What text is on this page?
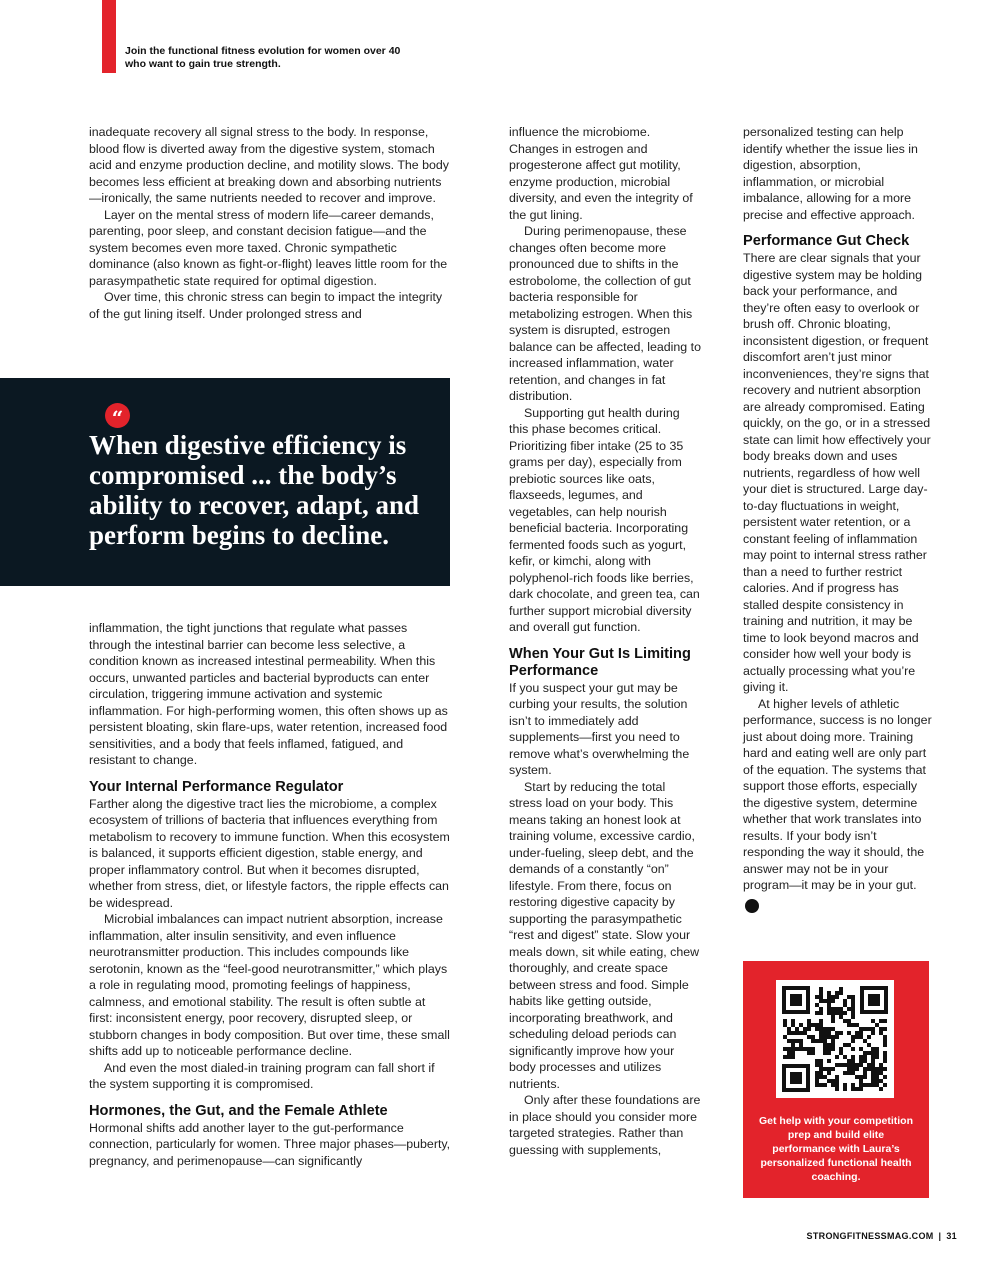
Join the functional fitness evolution for women over 40 who want to gain true strength.

inadequate recovery all signal stress to the body. In response, blood flow is diverted away from the digestive system, stomach acid and enzyme production decline, and motility slows. The body becomes less efficient at breaking down and absorbing nutrients—ironically, the same nutrients needed to recover and improve.

Layer on the mental stress of modern life—career demands, parenting, poor sleep, and constant decision fatigue—and the system becomes even more taxed. Chronic sympathetic dominance (also known as fight-or-flight) leaves little room for the parasympathetic state required for optimal digestion.

Over time, this chronic stress can begin to impact the integrity of the gut lining itself. Under prolonged stress and

“
When digestive efficiency is compromised ... the body’s ability to recover, adapt, and perform begins to decline.

inflammation, the tight junctions that regulate what passes through the intestinal barrier can become less selective, a condition known as increased intestinal permeability. When this occurs, unwanted particles and bacterial byproducts can enter circulation, triggering immune activation and systemic inflammation. For high-performing women, this often shows up as persistent bloating, skin flare-ups, water retention, increased food sensitivities, and a body that feels inflamed, fatigued, and resistant to change.

Your Internal Performance Regulator

Farther along the digestive tract lies the microbiome, a complex ecosystem of trillions of bacteria that influences everything from metabolism to recovery to immune function. When this ecosystem is balanced, it supports efficient digestion, stable energy, and proper inflammatory control. But when it becomes disrupted, whether from stress, diet, or lifestyle factors, the ripple effects can be widespread.

Microbial imbalances can impact nutrient absorption, increase inflammation, alter insulin sensitivity, and even influence neurotransmitter production. This includes compounds like serotonin, known as the “feel-good neurotransmitter,” which plays a role in regulating mood, promoting feelings of happiness, calmness, and emotional stability. The result is often subtle at first: inconsistent energy, poor recovery, disrupted sleep, or stubborn changes in body composition. But over time, these small shifts add up to noticeable performance decline.

And even the most dialed-in training program can fall short if the system supporting it is compromised.

Hormones, the Gut, and the Female Athlete

Hormonal shifts add another layer to the gut-performance connection, particularly for women. Three major phases—puberty, pregnancy, and perimenopause—can significantly

influence the microbiome. Changes in estrogen and progesterone affect gut motility, enzyme production, microbial diversity, and even the integrity of the gut lining.

During perimenopause, these changes often become more pronounced due to shifts in the estrobolome, the collection of gut bacteria responsible for metabolizing estrogen. When this system is disrupted, estrogen balance can be affected, leading to increased inflammation, water retention, and changes in fat distribution.

Supporting gut health during this phase becomes critical. Prioritizing fiber intake (25 to 35 grams per day), especially from prebiotic sources like oats, flaxseeds, legumes, and vegetables, can help nourish beneficial bacteria. Incorporating fermented foods such as yogurt, kefir, or kimchi, along with polyphenol-rich foods like berries, dark chocolate, and green tea, can further support microbial diversity and overall gut function.

When Your Gut Is Limiting Performance

If you suspect your gut may be curbing your results, the solution isn’t to immediately add supplements—first you need to remove what’s overwhelming the system.

Start by reducing the total stress load on your body. This means taking an honest look at training volume, excessive cardio, under-fueling, sleep debt, and the demands of a constantly “on” lifestyle. From there, focus on restoring digestive capacity by supporting the parasympathetic “rest and digest” state. Slow your meals down, sit while eating, chew thoroughly, and create space between stress and food. Simple habits like getting outside, incorporating breathwork, and scheduling deload periods can significantly improve how your body processes and utilizes nutrients.

Only after these foundations are in place should you consider more targeted strategies. Rather than guessing with supplements,

personalized testing can help identify whether the issue lies in digestion, absorption, inflammation, or microbial imbalance, allowing for a more precise and effective approach.

Performance Gut Check

There are clear signals that your digestive system may be holding back your performance, and they’re often easy to overlook or brush off. Chronic bloating, inconsistent digestion, or frequent discomfort aren’t just minor inconveniences, they’re signs that recovery and nutrient absorption are already compromised. Eating quickly, on the go, or in a stressed state can limit how effectively your body breaks down and uses nutrients, regardless of how well your diet is structured. Large day-to-day fluctuations in weight, persistent water retention, or a constant feeling of inflammation may point to internal stress rather than a need to further restrict calories. And if progress has stalled despite consistency in training and nutrition, it may be time to look beyond macros and consider how well your body is actually processing what you’re giving it.

At higher levels of athletic performance, success is no longer just about doing more. Training hard and eating well are only part of the equation. The systems that support those efforts, especially the digestive system, determine whether that work translates into results. If your body isn’t responding the way it should, the answer may not be in your program—it may be in your gut. S

Get help with your competition prep and build elite performance with Laura’s personalized functional health coaching.
STRONGFITNESSMAG.COM | 31
